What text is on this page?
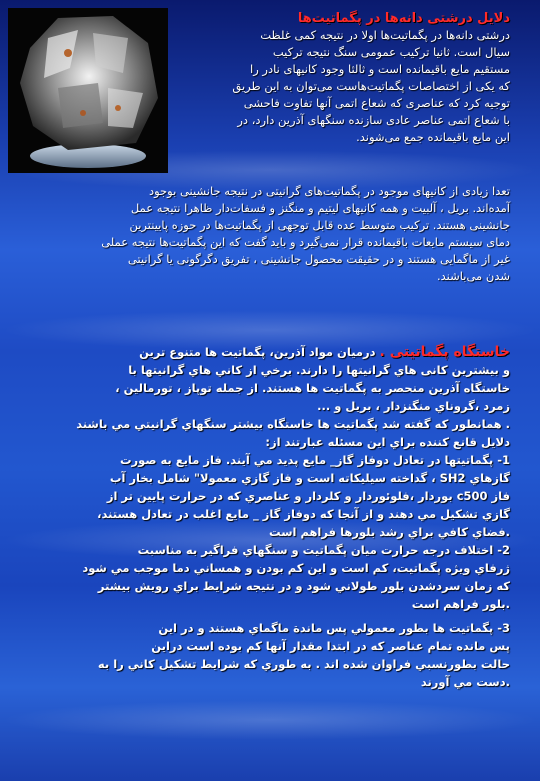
دلایل درشتی دانه‌ها در پگماتیت‌ها

درشتی دانه‌ها در پگماتیت‌ها اولا در نتیجه کمی غلظت
سیال است. ثانیا ترکیب عمومی سنگ نتیجه ترکیب
مستقیم مایع باقیمانده است و ثالثا وجود کانیهای نادر را
که یکی از اختصاصات پگماتیت‌هاست می‌توان به این طریق
توجیه کرد که عناصری که شعاع اتمی آنها تفاوت فاحشی
با شعاع اتمی عناصر عادی سازنده سنگهای آذرین دارد، در
این مایع باقیمانده جمع می‌شوند.

تعدا زیادی از کانیهای موجود در پگماتیت‌های گرانیتی در نتیجه جانشینی بوجود
آمده‌اند. بریل ، آلبیت و همه کانیهای لیتیم و منگنز و فسفات‌دار ظاهرا نتیجه عمل
جانشینی هستند. ترکیب متوسط عده قابل توجهی از پگماتیت‌ها در حوزه پایینترین
دمای سیستم مایعات باقیمانده قرار نمی‌گیرد و باید گفت که این پگماتیت‌ها نتیجه عملی
غیر از ماگمایی هستند و در حقیقت محصول جانشینی ، تفریق دگرگونی یا گرانیتی
شدن می‌باشند.

خاستگاه پگماتیتی . درمیان مواد آذرین، پگماتیت ها متنوع ترین
و بیشترین کانی هاي گرانیتها را دارند. برخي از کاني هاي گرانیتها با
خاستگاه آذرین منحصر به پگماتیت ها هستند. از جمله توپاز ، تورمالین ،
زمرد ،گروناي منگنزدار ، بریل و ...
. همانطور که گفته شد پگماتیت ها خاستگاه بیشتر سنگهاي گرانیتي مي باشند
دلایل قانع کننده براي این مسئله عبارتند از:

1- پگماتیتها در تعادل دوفاز گاز_ مایع پدید مي آیند. فاز مایع به صورت
گازهاي SH2 ، گداخته سیلیکاته است و فاز گازي معمولا" شامل بخار آب
فاز c500 بوردار ،فلوئوردار و کلردار و عناصري که در حرارت پایین تر از
گازي تشکیل مي دهند و از آنجا که دوفاز گاز _ مایع اغلب در تعادل هستند،
.فضاي کافي براي رشد بلورها فراهم است

2- اختلاف درجه حرارت میان پگماتیت و سنگهاي فراگیر به مناسبت
ژرفاي ویژه پگماتیت، کم است و این کم بودن و همساني دما موجب مي شود
که زمان سردشدن بلور طولاني شود و در نتیجه شرایط براي رویش بیشتر
.بلور فراهم است

3- پگماتیت ها بطور معمولي پس ماندة ماگماي هستند و در این
پس مانده تمام عناصر که در ابتدا مقدار آنها کم بوده است دراین
حالت بطورنسبي فراوان شده اند . به طوري که شرایط تشکیل کاني را به
.دست مي آورند
